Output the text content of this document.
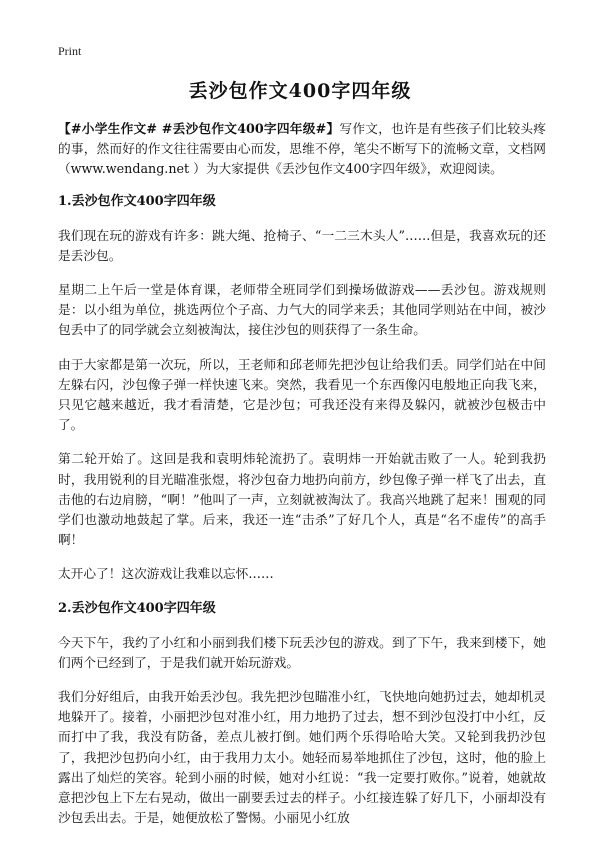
Print
丢沙包作文400字四年级

【#小学生作文# #丢沙包作文400字四年级#】写作文，也许是有些孩子们比较头疼的事，然而好的作文往往需要由心而发，思维不停，笔尖不断写下的流畅文章，文档网（www.wendang.net ）为大家提供《丢沙包作文400字四年级》，欢迎阅读。

1.丢沙包作文400字四年级

我们现在玩的游戏有许多：跳大绳、抢椅子、“一二三木头人”……但是，我喜欢玩的还是丢沙包。

星期二上午后一堂是体育课，老师带全班同学们到操场做游戏——丢沙包。游戏规则是：以小组为单位，挑选两位个子高、力气大的同学来丢；其他同学则站在中间，被沙包丢中了的同学就会立刻被淘汰，接住沙包的则获得了一条生命。

由于大家都是第一次玩，所以，王老师和邱老师先把沙包让给我们丢。同学们站在中间左躲右闪，沙包像子弹一样快速飞来。突然，我看见一个东西像闪电般地正向我飞来，只见它越来越近，我才看清楚，它是沙包；可我还没有来得及躲闪，就被沙包极击中了。

第二轮开始了。这回是我和袁明炜轮流扔了。袁明炜一开始就击败了一人。轮到我扔时，我用锐利的目光瞄准张煜，将沙包奋力地扔向前方，纱包像子弹一样飞了出去，直击他的右边肩膀，“啊！”他叫了一声，立刻就被淘汰了。我高兴地跳了起来！围观的同学们也激动地鼓起了掌。后来，我还一连“击杀”了好几个人，真是“名不虚传”的高手啊！

太开心了！这次游戏让我难以忘怀……

2.丢沙包作文400字四年级

今天下午，我约了小红和小丽到我们楼下玩丢沙包的游戏。到了下午，我来到楼下，她们两个已经到了，于是我们就开始玩游戏。

我们分好组后，由我开始丢沙包。我先把沙包瞄准小红，飞快地向她扔过去，她却机灵地躲开了。接着，小丽把沙包对准小红，用力地扔了过去，想不到沙包没打中小红，反而打中了我，我没有防备，差点儿被打倒。她们两个乐得哈哈大笑。又轮到我扔沙包了，我把沙包扔向小红，由于我用力太小。她轻而易举地抓住了沙包，这时，他的脸上露出了灿烂的笑容。轮到小丽的时候，她对小红说：“我一定要打败你。”说着，她就故意把沙包上下左右晃动，做出一副要丢过去的样子。小红接连躲了好几下，小丽却没有沙包丢出去。于是，她便放松了警惕。小丽见小红放
